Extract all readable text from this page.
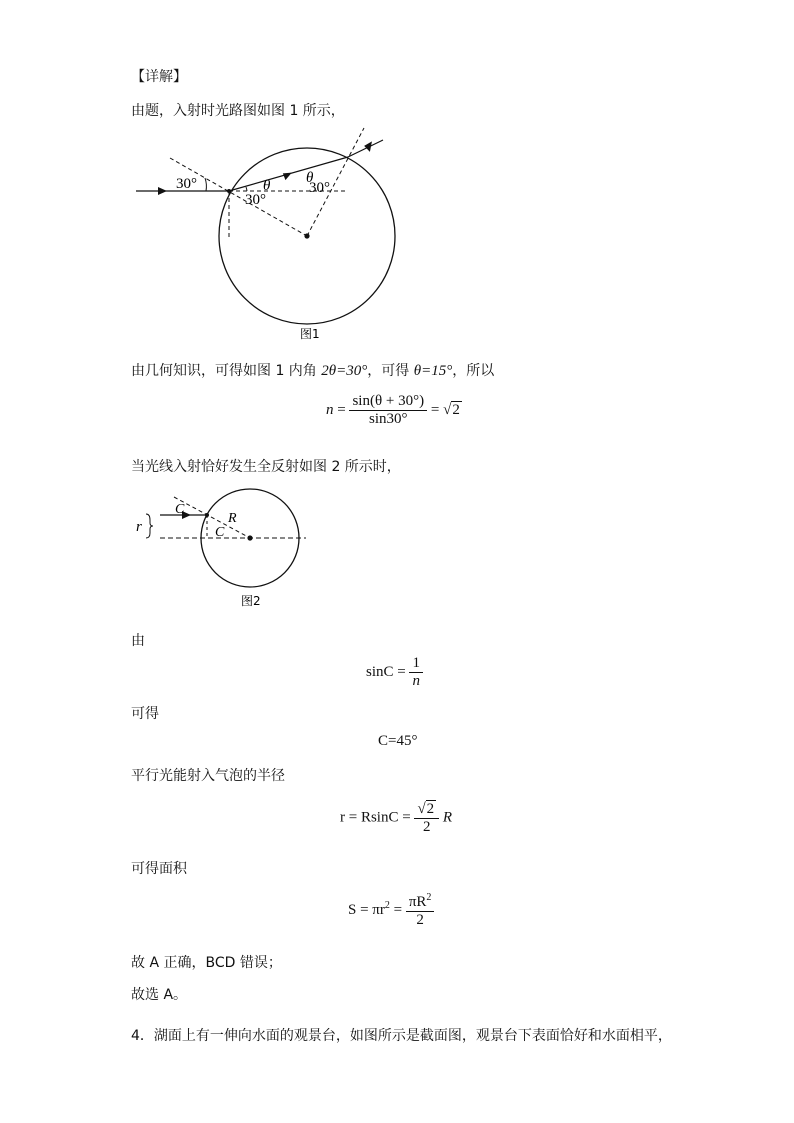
【详解】
由题，入射时光路图如图 1 所示，
30°
30°
30°
θ θ
图1
由几何知识，可得如图 1 内角 2θ=30°，可得 θ=15°，所以
$n = \frac{\sin(\theta + 30^\circ)}{\sin 30^\circ} = √2$
当光线入射恰好发生全反射如图 2 所示时，
r
C
R
C
图2
由
$\sin C = \frac{1}{n}$
可得
C=45°
平行光能射入气泡的半径
$r = RsinC = \frac{√2}{2}$ R
可得面积
$S = \pi r^2 = \frac{\pi R^2}{2}$
故 A 正确，BCD 错误；
故选 A。
4．湖面上有一伸向水面的观景台，如图所示是截面图，观景台下表面恰好和水面相平，
